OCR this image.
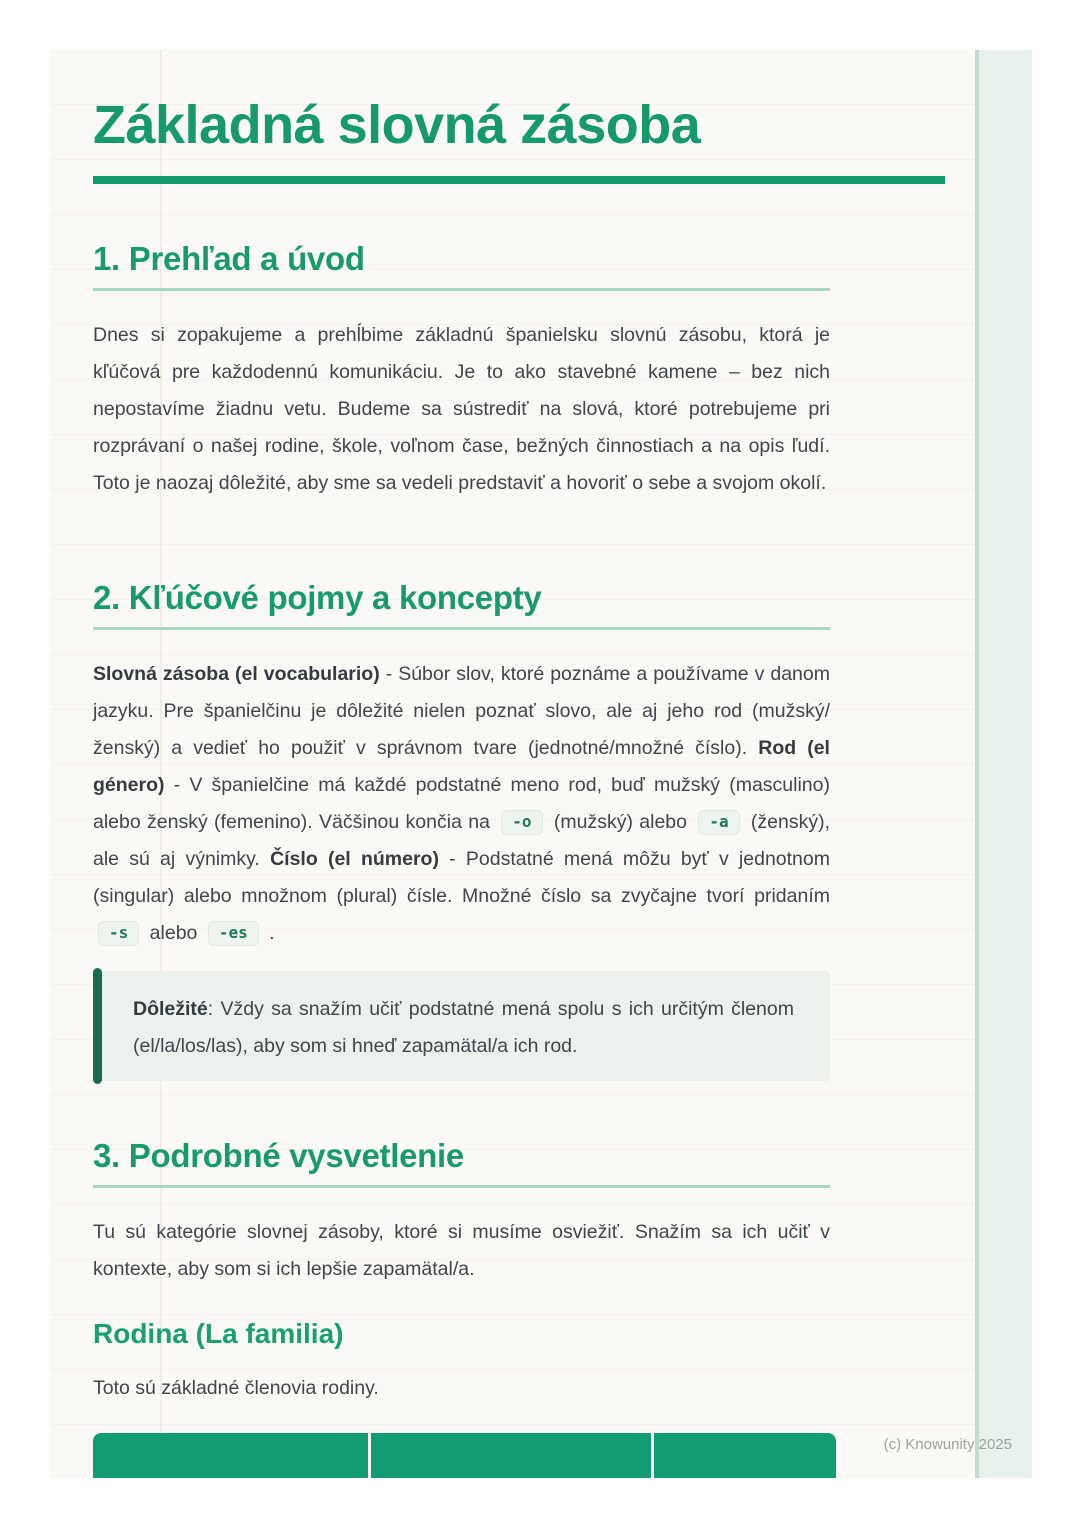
Základná slovná zásoba
1. Prehľad a úvod

Dnes si zopakujeme a prehĺbime základnú španielsku slovnú zásobu, ktorá je kľúčová pre každodennú komunikáciu. Je to ako stavebné kamene – bez nich nepostavíme žiadnu vetu. Budeme sa sústrediť na slová, ktoré potrebujeme pri rozprávaní o našej rodine, škole, voľnom čase, bežných činnostiach a na opis ľudí. Toto je naozaj dôležité, aby sme sa vedeli predstaviť a hovoriť o sebe a svojom okolí.

2. Kľúčové pojmy a koncepty

Slovná zásoba (el vocabulario) - Súbor slov, ktoré poznáme a používame v danom jazyku. Pre španielčinu je dôležité nielen poznať slovo, ale aj jeho rod (mužský/ženský) a vedieť ho použiť v správnom tvare (jednotné/množné číslo). Rod (el género) - V španielčine má každé podstatné meno rod, buď mužský (masculino) alebo ženský (femenino). Väčšinou končia na -o (mužský) alebo -a (ženský), ale sú aj výnimky. Číslo (el número) - Podstatné mená môžu byť v jednotnom (singular) alebo množnom (plural) čísle. Množné číslo sa zvyčajne tvorí pridaním -s alebo -es .

Dôležité: Vždy sa snažím učiť podstatné mená spolu s ich určitým členom (el/la/los/las), aby som si hneď zapamätal/a ich rod.

3. Podrobné vysvetlenie

Tu sú kategórie slovnej zásoby, ktoré si musíme osviežiť. Snažím sa ich učiť v kontexte, aby som si ich lepšie zapamätal/a.

Rodina (La familia)

Toto sú základné členovia rodiny.

(c) Knowunity 2025
